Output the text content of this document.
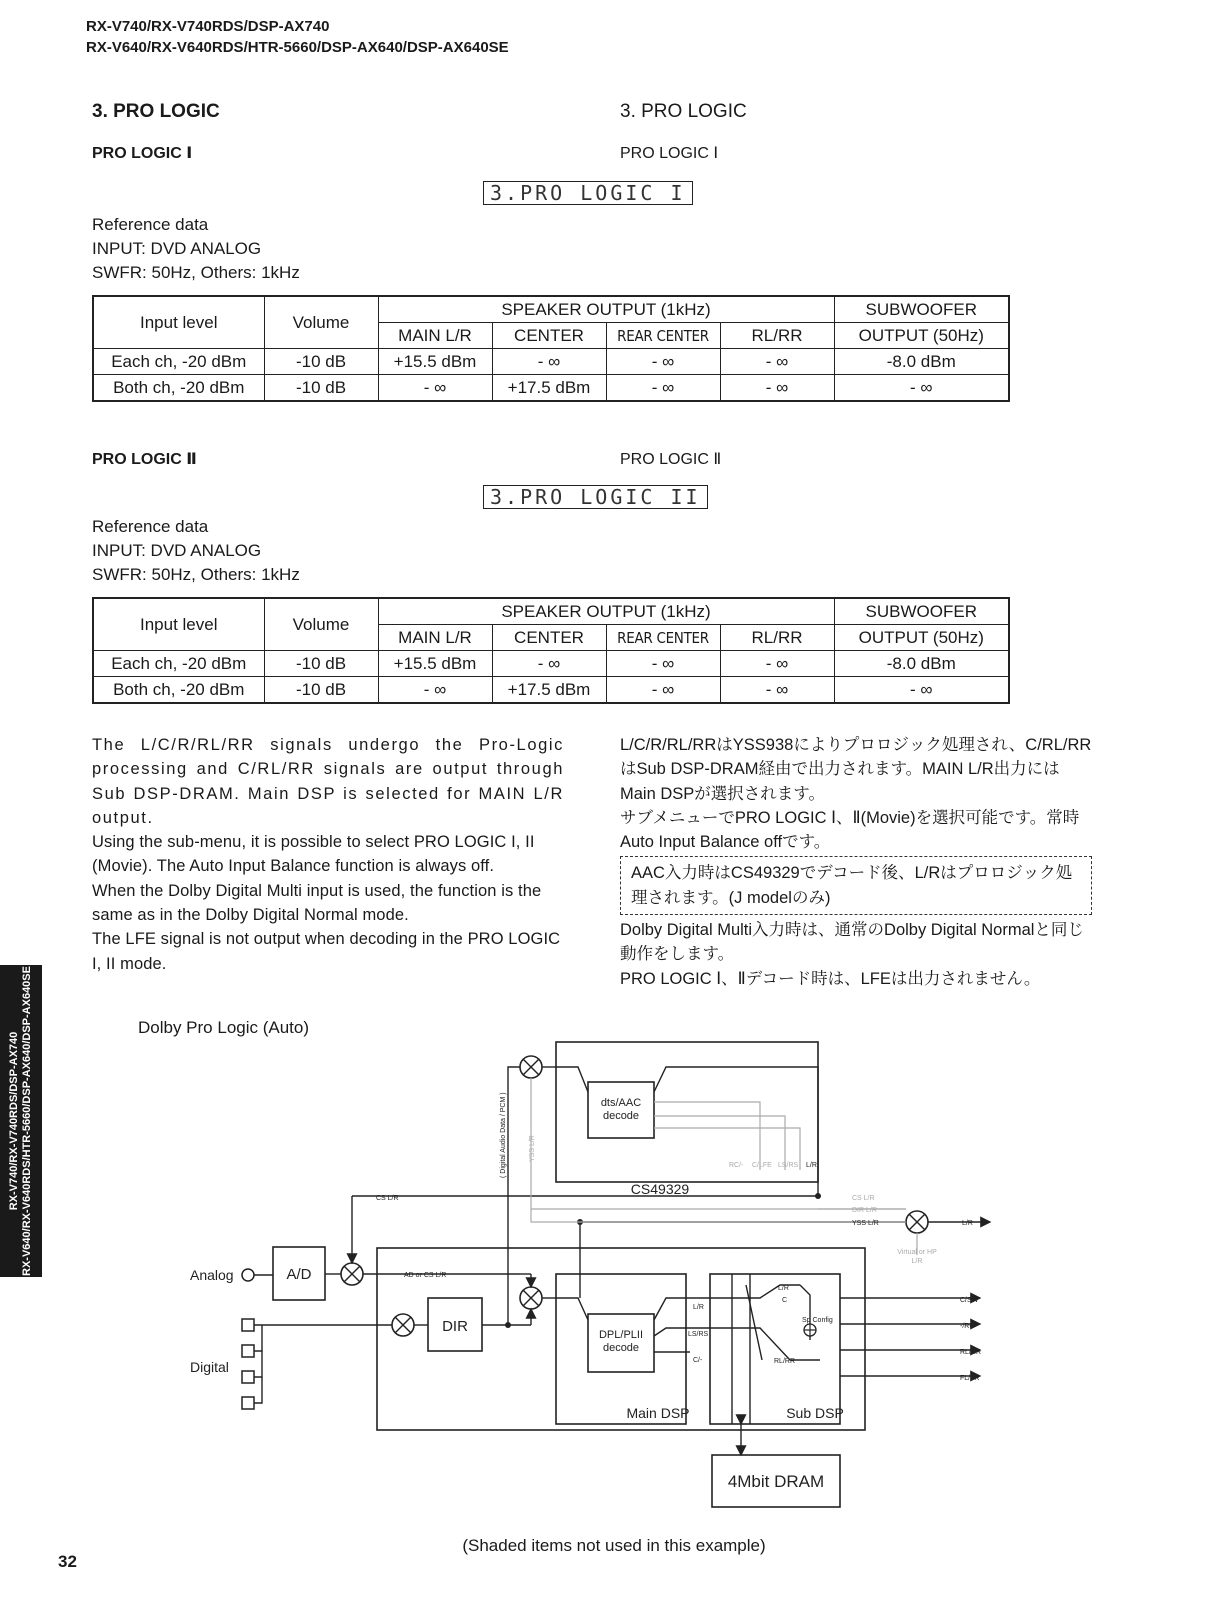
RX-V740/RX-V740RDS/DSP-AX740
RX-V640/RX-V640RDS/HTR-5660/DSP-AX640/DSP-AX640SE
3. PRO LOGIC	3. PRO LOGIC
PRO LOGIC Ⅰ	PRO LOGIC Ⅰ
3.PRO LOGIC I
Reference data
INPUT: DVD ANALOG
SWFR: 50Hz, Others: 1kHz
Input level	Volume	SPEAKER OUTPUT (1kHz)				SUBWOOFER
		MAIN L/R	CENTER	REAR CENTER	RL/RR	OUTPUT (50Hz)
Each ch, -20 dBm	-10 dB	+15.5 dBm	- ∞	- ∞	- ∞	-8.0 dBm
Both ch, -20 dBm	-10 dB	- ∞	+17.5 dBm	- ∞	- ∞	- ∞
PRO LOGIC Ⅱ	PRO LOGIC Ⅱ
3.PRO LOGIC II
Reference data
INPUT: DVD ANALOG
SWFR: 50Hz, Others: 1kHz
Input level	Volume	SPEAKER OUTPUT (1kHz)				SUBWOOFER
		MAIN L/R	CENTER	REAR CENTER	RL/RR	OUTPUT (50Hz)
Each ch, -20 dBm	-10 dB	+15.5 dBm	- ∞	- ∞	- ∞	-8.0 dBm
Both ch, -20 dBm	-10 dB	- ∞	+17.5 dBm	- ∞	- ∞	- ∞

The L/C/R/RL/RR signals undergo the Pro-Logic processing and C/RL/RR signals are output through Sub DSP-DRAM. Main DSP is selected for MAIN L/R output.

Using the sub-menu, it is possible to select PRO LOGIC I, II (Movie). The Auto Input Balance function is always off.

When the Dolby Digital Multi input is used, the function is the same as in the Dolby Digital Normal mode.

The LFE signal is not output when decoding in the PRO LOGIC I, II mode.

L/C/R/RL/RRはYSS938によりプロロジック処理され、C/RL/RRはSub DSP-DRAM経由で出力されます。MAIN L/R出力にはMain DSPが選択されます。

サブメニューでPRO LOGIC Ⅰ、Ⅱ(Movie)を選択可能です。常時Auto Input Balance offです。

AAC入力時はCS49329でデコード後、L/Rはプロロジック処理されます。(J modelのみ)

Dolby Digital Multi入力時は、通常のDolby Digital Normalと同じ動作をします。

PRO LOGIC Ⅰ、Ⅱデコード時は、LFEは出力されません。

Dolby Pro Logic (Auto)
Analog
Digital
A/D
DIR
dts/AAC
decode
CS49329
DPL/PLII
decode
Main DSP	Sub DSP
4Mbit DRAM
CS L/R
AD or CS L/R
( Digital Audio Data / PCM )	YSS L/R
RC/- C/LFE LS/RS L/R
CS L/R
DIR L/R
YSS L/R	L/R
Virtual or HP
L/R
L/R
LS/RS
C/-
L/R
C
RL/RR
Sp Config
C/SW
-/RC
RL/RR
FL/FR
RX-V740/RX-V740RDS/DSP-AX740 RX-V640/RX-V640RDS/HTR-5660/DSP-AX640/DSP-AX640SE
(Shaded items not used in this example)
32
